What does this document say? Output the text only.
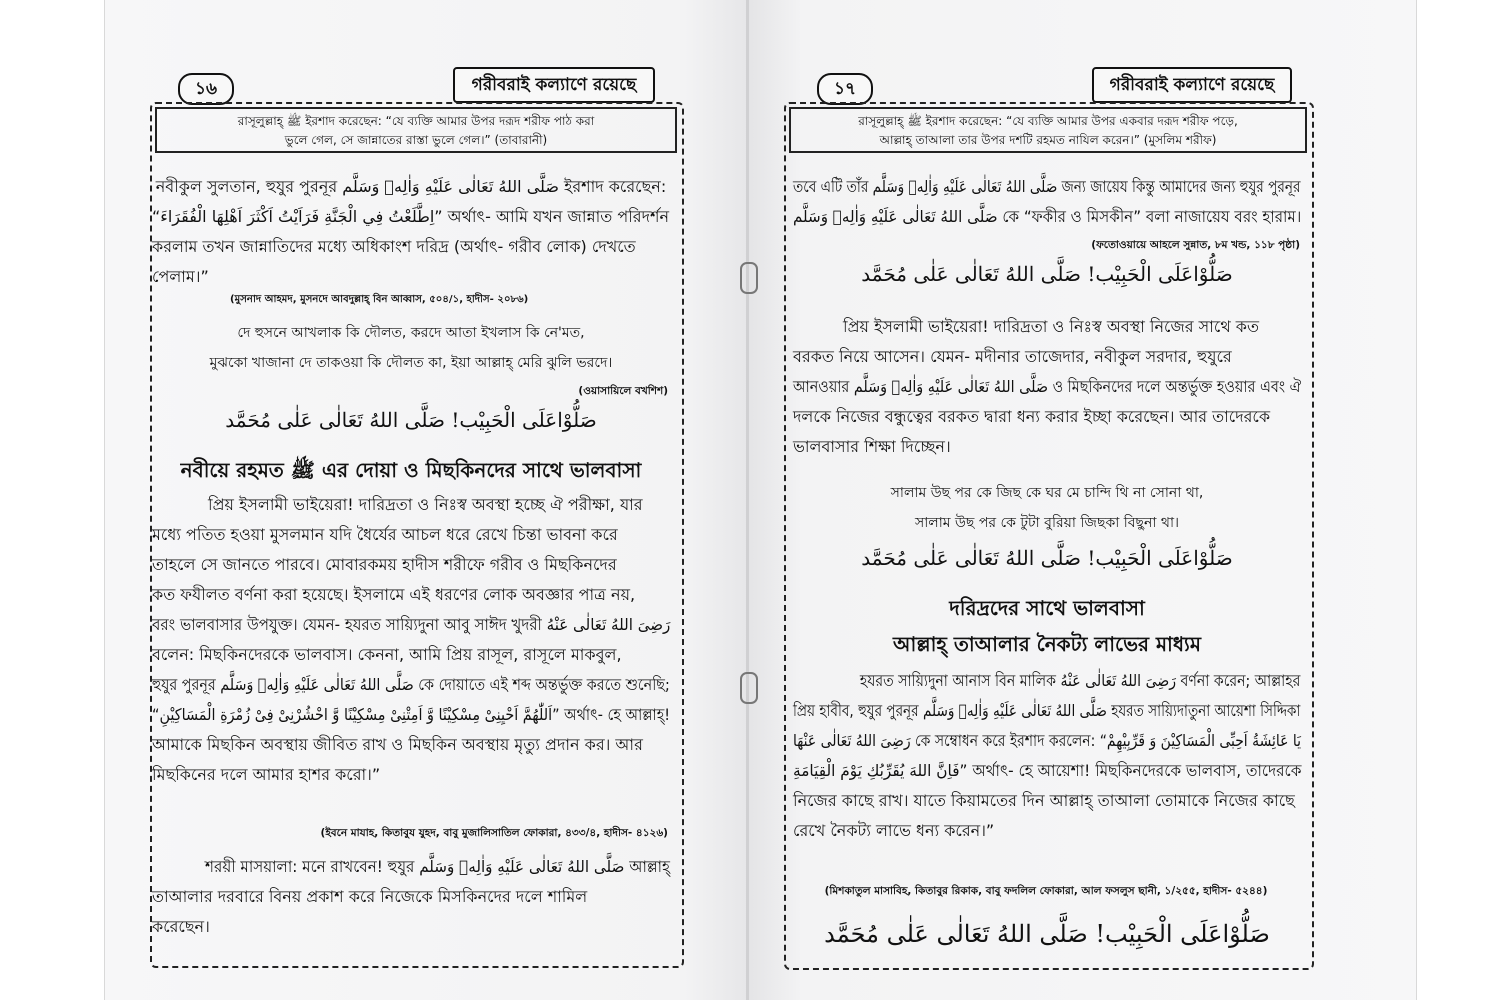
১৬	গরীবরাই কল্যাণে রয়েছে
রাসূলুল্লাহ্ ﷺ ইরশাদ করেছেন: “যে ব্যক্তি আমার উপর দরূদ শরীফ পাঠ করা
ভুলে গেল, সে জান্নাতের রাস্তা ভুলে গেল।” (তাবারানী)
নবীকুল সুলতান, হুযুর পুরনূর صَلَّى اللهُ تَعَالٰى عَلَيْهِ وَاٰلِهٖ وَسَلَّم ইরশাদ করেছেন:
“اِطَّلَعْتُ فِي الْجَنَّةِ فَرَاَيْتُ اَكْثَرَ اَهْلِهَا الْفُقَرَاءَ” অর্থাৎ- আমি যখন জান্নাত পরিদর্শন
করলাম তখন জান্নাতিদের মধ্যে অধিকাংশ দরিদ্র (অর্থাৎ- গরীব লোক) দেখতে
পেলাম।”
(মুসনাদ আহমদ, মুসনদে আবদুল্লাহ্ বিন আব্বাস, ৫০৪/১, হাদীস- ২০৮৬)
দে হুসনে আখলাক কি দৌলত, করদে আতা ইখলাস কি নে'মত,
মুঝকো খাজানা দে তাকওয়া কি দৌলত কা, ইয়া আল্লাহ্ মেরি ঝুলি ভরদে।
(ওয়াসায়িলে বখশিশ)
صَلُّوْاعَلَى الْحَبِيْب! صَلَّى اللهُ تَعَالٰى عَلٰى مُحَمَّد
নবীয়ে রহমত ﷺ এর দোয়া ও মিছকিনদের সাথে ভালবাসা
প্রিয় ইসলামী ভাইয়েরা! দারিদ্রতা ও নিঃস্ব অবস্থা হচ্ছে ঐ পরীক্ষা, যার
মধ্যে পতিত হওয়া মুসলমান যদি ধৈর্যের আচল ধরে রেখে চিন্তা ভাবনা করে
তাহলে সে জানতে পারবে। মোবারকময় হাদীস শরীফে গরীব ও মিছকিনদের
কত ফযীলত বর্ণনা করা হয়েছে। ইসলামে এই ধরণের লোক অবজ্ঞার পাত্র নয়,
বরং ভালবাসার উপযুক্ত। যেমন- হযরত সায়্যিদুনা আবু সাঈদ খুদরী رَضِىَ اللهُ تَعَالٰى عَنْهُ
বলেন: মিছকিনদেরকে ভালবাস। কেননা, আমি প্রিয় রাসূল, রাসূলে মাকবুল,
হুযুর পুরনূর صَلَّى اللهُ تَعَالٰى عَلَيْهِ وَاٰلِهٖ وَسَلَّم কে দোয়াতে এই শব্দ অন্তর্ভুক্ত করতে শুনেছি;
“اَللّٰهُمَّ اَحْيِنِىْ مِسْكِيْنًا وَّ اَمِتْنِىْ مِسْكِيْنًا وَّ احْشُرْنِىْ فِىْ زُمْرَةِ الْمَسَاكِيْنِ” অর্থাৎ- হে আল্লাহ্!
আমাকে মিছকিন অবস্থায় জীবিত রাখ ও মিছকিন অবস্থায় মৃত্যু প্রদান কর। আর
মিছকিনের দলে আমার হাশর করো।”
(ইবনে মাযাহ, কিতাবুয যুহদ, বাবু মুজালিসাতিল ফোকারা, ৪৩৩/৪, হাদীস- ৪১২৬)
শরয়ী মাসয়ালা: মনে রাখবেন! হুযুর صَلَّى اللهُ تَعَالٰى عَلَيْهِ وَاٰلِهٖ وَسَلَّم আল্লাহ্
তাআলার দরবারে বিনয় প্রকাশ করে নিজেকে মিসকিনদের দলে শামিল
করেছেন।
১৭	গরীবরাই কল্যাণে রয়েছে
রাসূলুল্লাহ্ ﷺ ইরশাদ করেছেন: “যে ব্যক্তি আমার উপর একবার দরূদ শরীফ পড়ে,
আল্লাহ্ তাআলা তার উপর দশটি রহমত নাযিল করেন।” (মুসলিম শরীফ)
তবে এটি তাঁর صَلَّى اللهُ تَعَالٰى عَلَيْهِ وَاٰلِهٖ وَسَلَّم জন্য জায়েয কিন্তু আমাদের জন্য হুযুর পুরনূর
صَلَّى اللهُ تَعَالٰى عَلَيْهِ وَاٰلِهٖ وَسَلَّم কে “ফকীর ও মিসকীন” বলা নাজায়েয বরং হারাম।
(ফতোওয়ায়ে আহলে সুন্নাত, ৮ম খন্ড, ১১৮ পৃষ্ঠা)
صَلُّوْاعَلَى الْحَبِيْب! صَلَّى اللهُ تَعَالٰى عَلٰى مُحَمَّد
প্রিয় ইসলামী ভাইয়েরা! দারিদ্রতা ও নিঃস্ব অবস্থা নিজের সাথে কত
বরকত নিয়ে আসেন। যেমন- মদীনার তাজেদার, নবীকুল সরদার, হুযুরে
আনওয়ার صَلَّى اللهُ تَعَالٰى عَلَيْهِ وَاٰلِهٖ وَسَلَّم ও মিছকিনদের দলে অন্তর্ভুক্ত হওয়ার এবং ঐ
দলকে নিজের বন্ধুত্বের বরকত দ্বারা ধন্য করার ইচ্ছা করেছেন। আর তাদেরকে
ভালবাসার শিক্ষা দিচ্ছেন।
সালাম উছ পর কে জিছ কে ঘর মে চান্দি থি না সোনা থা,
সালাম উছ পর কে টুটা বুরিয়া জিছকা বিছুনা থা।
صَلُّوْاعَلَى الْحَبِيْب! صَلَّى اللهُ تَعَالٰى عَلٰى مُحَمَّد
দরিদ্রদের সাথে ভালবাসা
আল্লাহ্ তাআলার নৈকট্য লাভের মাধ্যম
হযরত সায়্যিদুনা আনাস বিন মালিক رَضِىَ اللهُ تَعَالٰى عَنْهُ বর্ণনা করেন; আল্লাহর
প্রিয় হাবীব, হুযুর পুরনূর صَلَّى اللهُ تَعَالٰى عَلَيْهِ وَاٰلِهٖ وَسَلَّم হযরত সায়্যিদাতুনা আয়েশা সিদ্দিকা
رَضِىَ اللهُ تَعَالٰى عَنْهَا কে সম্বোধন করে ইরশাদ করলেন: “يَا عَائِشَةُ اَحِبِّى الْمَسَاكِيْنَ وَ قَرِّبِيْهِمْ
فَاِنَّ اللهَ يُقَرِّبُكِ يَوْمَ الْقِيَامَةِ” অর্থাৎ- হে আয়েশা! মিছকিনদেরকে ভালবাস, তাদেরকে
নিজের কাছে রাখ। যাতে কিয়ামতের দিন আল্লাহ্ তাআলা তোমাকে নিজের কাছে
রেখে নৈকট্য লাভে ধন্য করেন।”
(মিশকাতুল মাসাবিহ, কিতাবুর রিকাক, বাবু ফদলিল ফোকারা, আল ফসলুস ছানী, ১/২৫৫, হাদীস- ৫২৪৪)
صَلُّوْاعَلَى الْحَبِيْب! صَلَّى اللهُ تَعَالٰى عَلٰى مُحَمَّد
